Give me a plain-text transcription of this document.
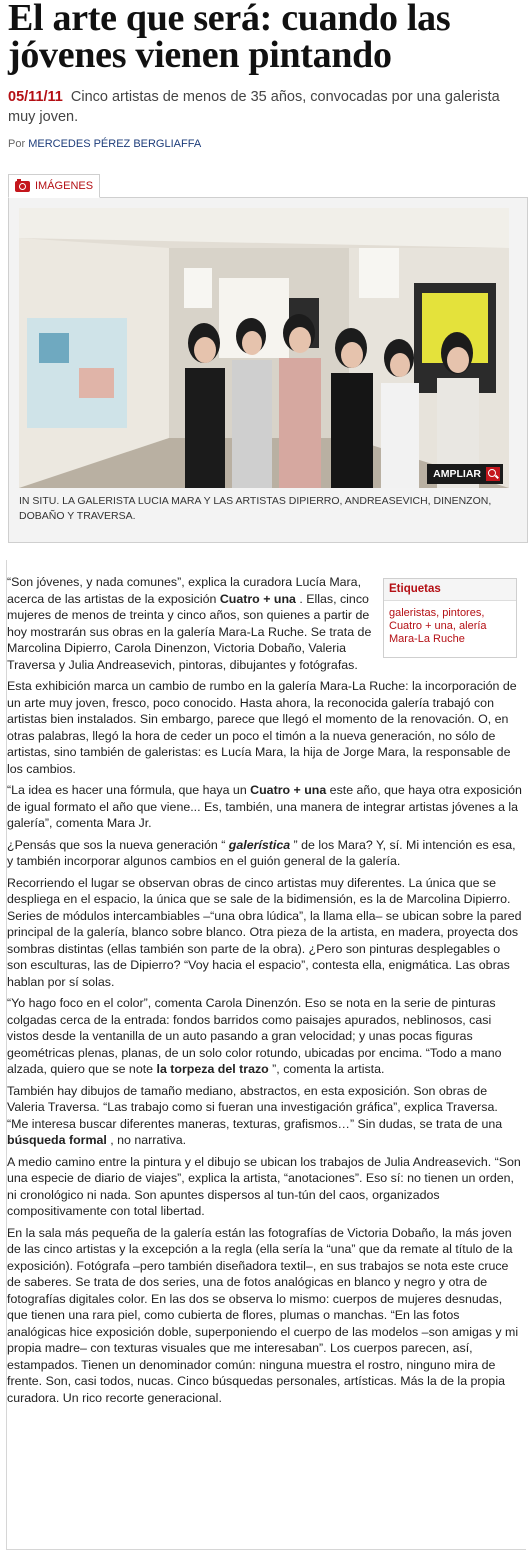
El arte que será: cuando las jóvenes vienen pintando
05/11/11 Cinco artistas de menos de 35 años, convocadas por una galerista muy joven.
Por MERCEDES PÉREZ BERGLIAFFA
IMÁGENES
AMPLIAR
IN SITU. LA GALERISTA LUCIA MARA Y LAS ARTISTAS DIPIERRO, ANDREASEVICH, DINENZON, DOBAÑO Y TRAVERSA.
Etiquetas
galeristas, pintores, Cuatro + una, alería Mara-La Ruche

“Son jóvenes, y nada comunes”, explica la curadora Lucía Mara, acerca de las artistas de la exposición Cuatro + una . Ellas, cinco mujeres de menos de treinta y cinco años, son quienes a partir de hoy mostrarán sus obras en la galería Mara-La Ruche. Se trata de Marcolina Dipierro, Carola Dinenzon, Victoria Dobaño, Valeria Traversa y Julia Andreasevich, pintoras, dibujantes y fotógrafas.

Esta exhibición marca un cambio de rumbo en la galería Mara-La Ruche: la incorporación de un arte muy joven, fresco, poco conocido. Hasta ahora, la reconocida galería trabajó con artistas bien instalados. Sin embargo, parece que llegó el momento de la renovación. O, en otras palabras, llegó la hora de ceder un poco el timón a la nueva generación, no sólo de artistas, sino también de galeristas: es Lucía Mara, la hija de Jorge Mara, la responsable de los cambios.

“La idea es hacer una fórmula, que haya un Cuatro + una este año, que haya otra exposición de igual formato el año que viene... Es, también, una manera de integrar artistas jóvenes a la galería”, comenta Mara Jr.

¿Pensás que sos la nueva generación “ galerística ” de los Mara? Y, sí. Mi intención es esa, y también incorporar algunos cambios en el guión general de la galería.

Recorriendo el lugar se observan obras de cinco artistas muy diferentes. La única que se despliega en el espacio, la única que se sale de la bidimensión, es la de Marcolina Dipierro. Series de módulos intercambiables –“una obra lúdica”, la llama ella– se ubican sobre la pared principal de la galería, blanco sobre blanco. Otra pieza de la artista, en madera, proyecta dos sombras distintas (ellas también son parte de la obra). ¿Pero son pinturas desplegables o son esculturas, las de Dipierro? “Voy hacia el espacio”, contesta ella, enigmática. Las obras hablan por sí solas.

“Yo hago foco en el color”, comenta Carola Dinenzón. Eso se nota en la serie de pinturas colgadas cerca de la entrada: fondos barridos como paisajes apurados, neblinosos, casi vistos desde la ventanilla de un auto pasando a gran velocidad; y unas pocas figuras geométricas plenas, planas, de un solo color rotundo, ubicadas por encima. “Todo a mano alzada, quiero que se note la torpeza del trazo ”, comenta la artista.

También hay dibujos de tamaño mediano, abstractos, en esta exposición. Son obras de Valeria Traversa. “Las trabajo como si fueran una investigación gráfica”, explica Traversa. “Me interesa buscar diferentes maneras, texturas, grafismos…” Sin dudas, se trata de una búsqueda formal , no narrativa.

A medio camino entre la pintura y el dibujo se ubican los trabajos de Julia Andreasevich. “Son una especie de diario de viajes”, explica la artista, “anotaciones”. Eso sí: no tienen un orden, ni cronológico ni nada. Son apuntes dispersos al tun-tún del caos, organizados compositivamente con total libertad.

En la sala más pequeña de la galería están las fotografías de Victoria Dobaño, la más joven de las cinco artistas y la excepción a la regla (ella sería la “una” que da remate al título de la exposición). Fotógrafa –pero también diseñadora textil–, en sus trabajos se nota este cruce de saberes. Se trata de dos series, una de fotos analógicas en blanco y negro y otra de fotografías digitales color. En las dos se observa lo mismo: cuerpos de mujeres desnudas, que tienen una rara piel, como cubierta de flores, plumas o manchas. “En las fotos analógicas hice exposición doble, superponiendo el cuerpo de las modelos –son amigas y mi propia madre– con texturas visuales que me interesaban”. Los cuerpos parecen, así, estampados. Tienen un denominador común: ninguna muestra el rostro, ninguno mira de frente. Son, casi todos, nucas. Cinco búsquedas personales, artísticas. Más la de la propia curadora. Un rico recorte generacional.
